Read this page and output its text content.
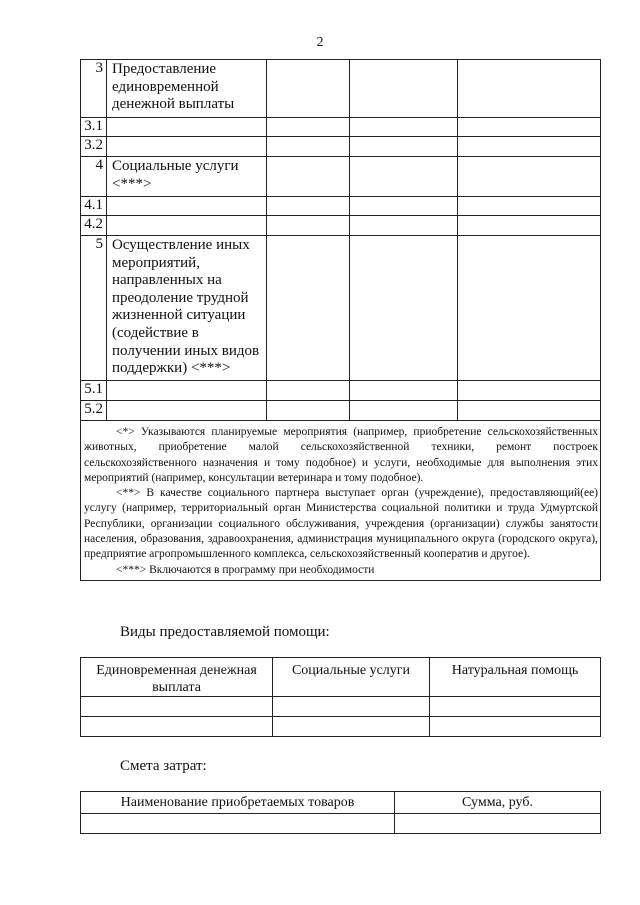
2
3	Предоставление единовременной денежной выплаты			
3.1				
3.2				
4	Социальные услуги <***>			
4.1				
4.2				
5	Осуществление иных мероприятий, направленных на преодоление трудной жизненной ситуации (содействие в получении иных видов поддержки) <***>			
5.1				
5.2				

<*> Указываются планируемые мероприятия (например, приобретение сельскохозяйственных животных, приобретение малой сельскохозяйственной техники, ремонт построек сельскохозяйственного назначения и тому подобное) и услуги, необходимые для выполнения этих мероприятий (например, консультации ветеринара и тому подобное).

<**> В качестве социального партнера выступает орган (учреждение), предоставляющий(ее) услугу (например, территориальный орган Министерства социальной политики и труда Удмуртской Республики, организации социального обслуживания, учреждения (организации) службы занятости населения, образования, здравоохранения, администрация муниципального округа (городского округа), предприятие агропромышленного комплекса, сельскохозяйственный кооператив и другое).

<***> Включаются в программу при необходимости				

Виды предоставляемой помощи:
Единовременная денежная выплата	Социальные услуги	Натуральная помощь

Смета затрат:
Наименование приобретаемых товаров	Сумма, руб.
